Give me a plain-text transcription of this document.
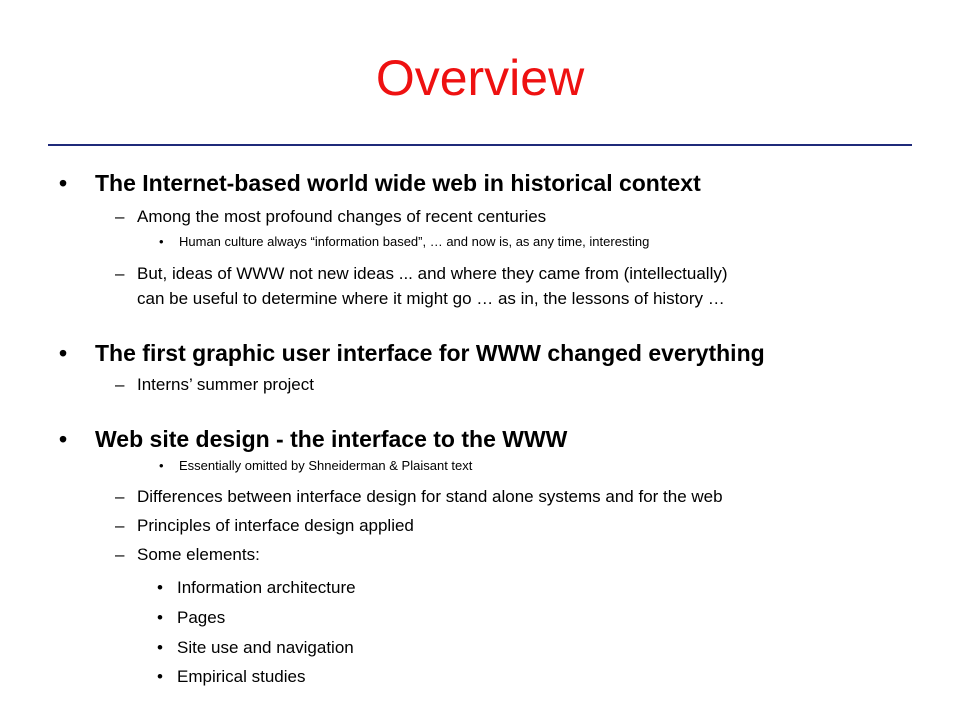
Overview
• The Internet-based world wide web in historical context
– Among the most profound changes of recent centuries
• Human culture always “information based”, … and now is, as any time, interesting
– But, ideas of WWW not new ideas ... and where they came from (intellectually)
can be useful to determine where it might go … as in, the lessons of history …
• The first graphic user interface for WWW changed everything
– Interns’ summer project
• Web site design - the interface to the WWW
• Essentially omitted by Shneiderman & Plaisant text
– Differences between interface design for stand alone systems and for the web
– Principles of interface design applied
– Some elements:
• Information architecture
• Pages
• Site use and navigation
• Empirical studies
